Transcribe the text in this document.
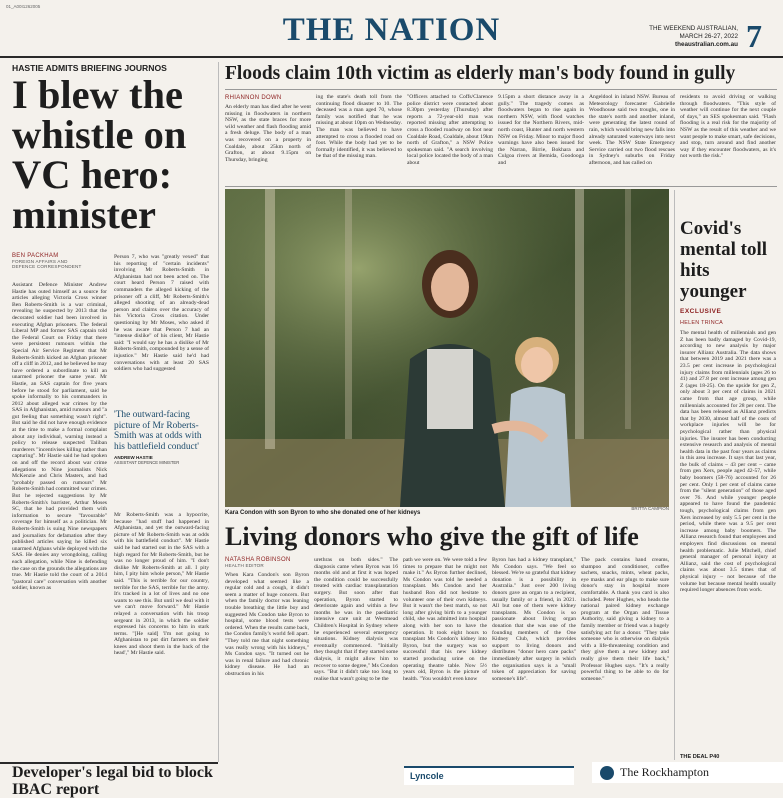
01_A00I1262005
THE NATION	THE WEEKEND AUSTRALIAN,
MARCH 26-27, 2022
theaustralian.com.au 7
HASTIE ADMITS BRIEFING JOURNOS
I blew the whistle on VC hero: minister
BEN PACKHAM
FOREIGN AFFAIRS AND
DEFENCE CORRESPONDENT
Assistant Defence Minister Andrew Hastie has outed himself as a source for articles alleging Victoria Cross winner Ben Roberts-Smith is a war criminal, revealing he suspected by 2013 that the decorated soldier had been involved in executing Afghan prisoners. The federal Liberal MP and former SAS captain told the Federal Court on Friday that there were persistent rumours within the Special Air Service Regiment that Mr Roberts-Smith kicked an Afghan prisoner off a cliff in 2012, and he believed he may have ordered a subordinate to kill an unarmed prisoner the same year. Mr Hastie, an SAS captain for five years before he stood for parliament, said he spoke informally to his commanders in 2012 about alleged war crimes by the SAS in Afghanistan, amid rumours and "a gut feeling that something wasn't right". But said he did not have enough evidence at the time to make a formal complaint about any individual, warning instead a policy to release suspected Taliban murderers "incentivises killing rather than capturing". Mr Hastie said he had spoken on and off the record about war crime allegations to Nine journalists Nick McKenzie and Chris Masters, and had "probably passed on rumours" Mr Roberts-Smith had committed war crimes. But he rejected suggestions by Mr Roberts-Smith's barrister, Arthur Moses SC, that he had provided them with information to secure "favourable" coverage for himself as a politician. Mr Roberts-Smith is suing Nine newspapers and journalists for defamation after they published articles saying he killed six unarmed Afghans while deployed with the SAS. He denies any wrongdoing, calling each allegation, while Nine is defending the case on the grounds the allegations are true. Mr Hastie told the court of a 2014 "pastoral care" conversation with another soldier, known as
Person 7, who was "greatly vexed" that his reporting of "certain incidents" involving Mr Roberts-Smith in Afghanistan had not been acted on. The court heard Person 7 raised with commanders the alleged kicking of the prisoner off a cliff, Mr Roberts-Smith's alleged shooting of an already-dead person and claims over the accuracy of his Victoria Cross citation. Under questioning by Mr Moses, who asked if he was aware that Person 7 had an "intense dislike" of his client, Mr Hastie said: "I would say he has a dislike of Mr Roberts-Smith, compounded by a sense of injustice." Mr Hastie said he'd had conversations with at least 20 SAS soldiers who had suggested
'The outward-facing picture of Mr Roberts-Smith was at odds with his battlefield conduct'
ANDREW HASTIE
ASSISTANT DEFENCE MINISTER
Mr Roberts-Smith was a hypocrite, because "had stuff had happened in Afghanistan, and yet the outward-facing picture of Mr Roberts-Smith was at odds with his battlefield conduct". Mr Hastie said he had started out in the SAS with a high regard for Mr Roberts-Smith, but he was no longer proud of him. "I don't dislike Mr Roberts-Smith at all. I pity him, I pity him whole person," Mr Hastie said. "This is terrible for our country, terrible for the SAS, terrible for the army. It's tracked in a lot of lives and no one wants to see this. But until we deal with it we can't move forward." Mr Hastie relayed a conversation with his troop sergeant in 2013, in which the soldier expressed his concerns to him in stark terms. "[He said] 'I'm not going to Afghanistan to put dirt farmers on their knees and shoot them in the back of the head'," Mr Hastie said.
Developer's legal bid to block IBAC report
Floods claim 10th victim as elderly man's body found in gully
RHIANNON DOWN
An elderly man has died after he went missing in floodwaters in northern NSW, as the state braces for more wild weather and flash flooding amid a fresh deluge. The body of a man was recovered on a property in Coaldale, about 25km north of Grafton, at about 9.15pm on Thursday, bringing
ing the state's death toll from the continuing flood disaster to 10. The deceased was a man aged 70, whose family was notified that he was missing at about 10pm on Wednesday. The man was believed to have attempted to cross a flooded road on foot. While the body had yet to be formally identified, it was believed to be that of the missing man.
"Officers attached to Coffs/Clarence police district were contacted about 8.30pm yesterday (Thursday) after reports a 72-year-old man was reported missing after attempting to cross a flooded roadway on foot near Coaldale Road, Coaldale, about 19km north of Grafton," a NSW Police spokesman said. "A search involving local police located the body of a man about
9.15pm a short distance away in a gully." The tragedy comes as floodwaters began to rise again in northern NSW, with flood watches issued for the Northern Rivers, mid-north coast, Hunter and north western NSW on Friday. Minor to major flood warnings have also been issued for the Narran, Birrie, Bokhara and Culgoa rivers at Bemida, Goodooga and
Angeldool in inland NSW. Bureau of Meteorology forecaster Gabrielle Woodhouse said two troughs, one in the state's north and another inland, were generating the latest round of rain, which would bring new falls into already saturated waterways into next week. The NSW State Emergency Service carried out two flood rescues in Sydney's suburbs on Friday afternoon, and has called on
residents to avoid driving or walking through floodwaters. "This style of weather will continue for the next couple of days," an SES spokesman said. "Flash flooding is a real risk for the majority of NSW as the result of this weather and we want people to make smart, safe decisions, and stop, turn around and find another way if they encounter floodwaters, as it's not worth the risk."
Kara Condon with son Byron to who she donated one of her kidneys
BRITTA CAMPION
Living donors who give the gift of life
NATASHA ROBINSON
HEALTH EDITOR
When Kara Condon's son Byron developed what seemed like a regular cold and a cough, it didn't seem a matter of huge concern. But when the family doctor was leaning trouble breathing the little boy and suggested Ms Condon take Byron to hospital, some blood tests were ordered. When the results came back, the Condon family's world fell apart. "They told me that night something was really wrong with his kidneys," Ms Condon says. "It turned out he was in renal failure and had chronic kidney disease. He had an obstruction in his
urethras on both sides." The diagnosis came when Byron was 16 months old and at first it was hoped the condition could be successfully treated with cardiac transplantation surgery. But soon after that operation, Byron started to deteriorate again and within a few months he was in the paediatric intensive care unit at Westmead Children's Hospital in Sydney where he experienced several emergency situations. Kidney dialysis was eventually commenced. "Initially they thought that if they started some dialysis, it might allow him to recover to some degree," Ms Condon says. "But it didn't take too long to realise that wasn't going to be the
path we were on. We were told a few times to prepare that he might not make it." As Byron further declined, Ms Condon was told he needed a transplant. Ms Condon and her husband Ron did not hesitate to volunteer one of their own kidneys. But it wasn't the best match, so not long after giving birth to a younger child, she was admitted into hospital along with her son to have the operation. It took eight hours to transplant Ms Condon's kidney into Byron, but the surgery was so successful that his new kidney started producing urine on the operating theatre table. Now 5½ years old, Byron is the picture of health. "You wouldn't even know
Byron has had a kidney transplant," Ms Condon says. "We feel so blessed. We're so grateful that kidney donation is a possibility in Australia." Just over 200 living donors gave an organ to a recipient, usually family or a friend, in 2021. All but one of them were kidney transplants. Ms Condon is so passionate about living organ donation that she was one of the founding members of the One Kidney Club, which provides support to living donors and distributes "donor hero care packs" immediately after surgery in which the organisation says is a "small token of appreciation for saving someone's life".
The pack contains hand creams, shampoo and conditioner, coffee sachets, snacks, mints, wheat packs, eye masks and ear plugs to make sure donor's stay in hospital more comfortable. A thank you card is also included. Peter Hughes, who heads the national paired kidney exchange program at the Organ and Tissue Authority, said giving a kidney to a family member or friend was a hugely satisfying act for a donor. "They take someone who is otherwise on dialysis with a life-threatening condition and they give them a new kidney and really give them their life back," Professor Hughes says. "It's a really powerful thing to be able to do for someone."
Covid's mental toll hits younger
EXCLUSIVE
HELEN TRINCA
The mental health of millennials and gen Z has been badly damaged by Covid-19, according to new analysis by major insurer Allianz Australia. The data shows that between 2019 and 2021 there was a 23.5 per cent increase in psychological injury claims from millennials (ages 26 to 41) and 27.8 per cent increase among gen Z (ages 18-25). On the upside for gen Z, only about 3 per cent of claims in 2021 came from that age group, while millennials accounted for 28 per cent. The data has been released as Allianz predicts that by 2030, almost half of the costs of workplace injuries will be for psychological rather than physical injuries. The insurer has been conducting extensive research and analysis of mental health data in the past four years as claims in this area increase. It says that last year, the bulk of claims – 43 per cent – came from gen Xers, people aged 42-57, while baby boomers (58-76) accounted for 26 per cent. Only 1 per cent of claims came from the "silent generation" of those aged over 76. And while younger people appeared to have found the pandemic tough, psychological claims from gen Xers increased by only 5.5 per cent in the period, while there was a 9.5 per cent increase among baby boomers. The Allianz research found that employees and employers find discussions on mental health problematic. Julie Mitchell, chief general manager of personal injury at Allianz, said the cost of psychological claims was about 3.5 times that of physical injury – not because of the volume but because mental health usually required longer absences from work.
THE DEAL P40
Lyncole	The Rockhampton
